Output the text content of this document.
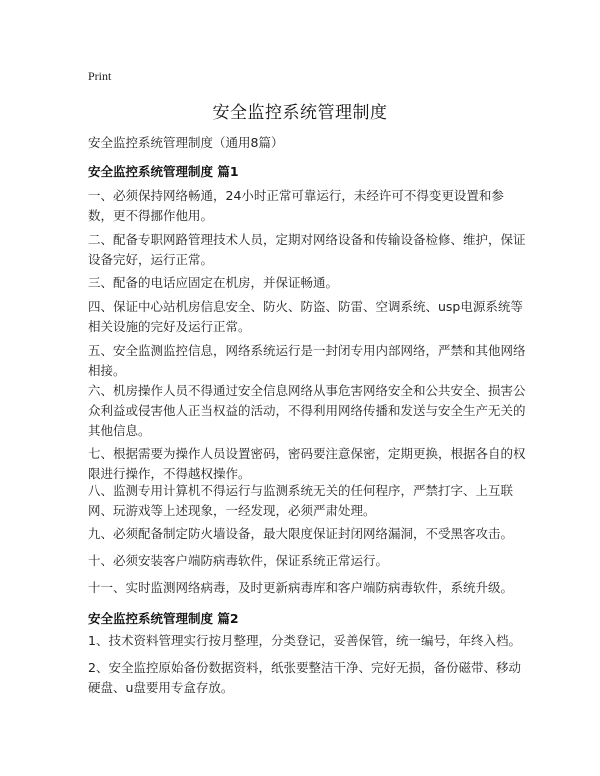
Print
安全监控系统管理制度

安全监控系统管理制度（通用8篇）

安全监控系统管理制度 篇1

一、必须保持网络畅通，24小时正常可靠运行，未经许可不得变更设置和参数，更不得挪作他用。

二、配备专职网路管理技术人员，定期对网络设备和传输设备检修、维护，保证设备完好，运行正常。

三、配备的电话应固定在机房，并保证畅通。

四、保证中心站机房信息安全、防火、防盗、防雷、空调系统、usp电源系统等相关设施的完好及运行正常。

五、安全监测监控信息，网络系统运行是一封闭专用内部网络，严禁和其他网络相接。

六、机房操作人员不得通过安全信息网络从事危害网络安全和公共安全、损害公众利益或侵害他人正当权益的活动，不得利用网络传播和发送与安全生产无关的 其他信息。

七、根据需要为操作人员设置密码，密码要注意保密，定期更换，根据各自的权限进行操作，不得越权操作。

八、监测专用计算机不得运行与监测系统无关的任何程序，严禁打字、上互联网、玩游戏等上述现象，一经发现，必须严肃处理。

九、必须配备制定防火墙设备，最大限度保证封闭网络漏洞，不受黑客攻击。

十、必须安装客户端防病毒软件，保证系统正常运行。

十一、实时监测网络病毒，及时更新病毒库和客户端防病毒软件，系统升级。

安全监控系统管理制度 篇2

1、技术资料管理实行按月整理，分类登记，妥善保管，统一编号，年终入档。

2、安全监控原始备份数据资料，纸张要整洁干净、完好无损，备份磁带、移动硬盘、u盘要用专盒存放。
